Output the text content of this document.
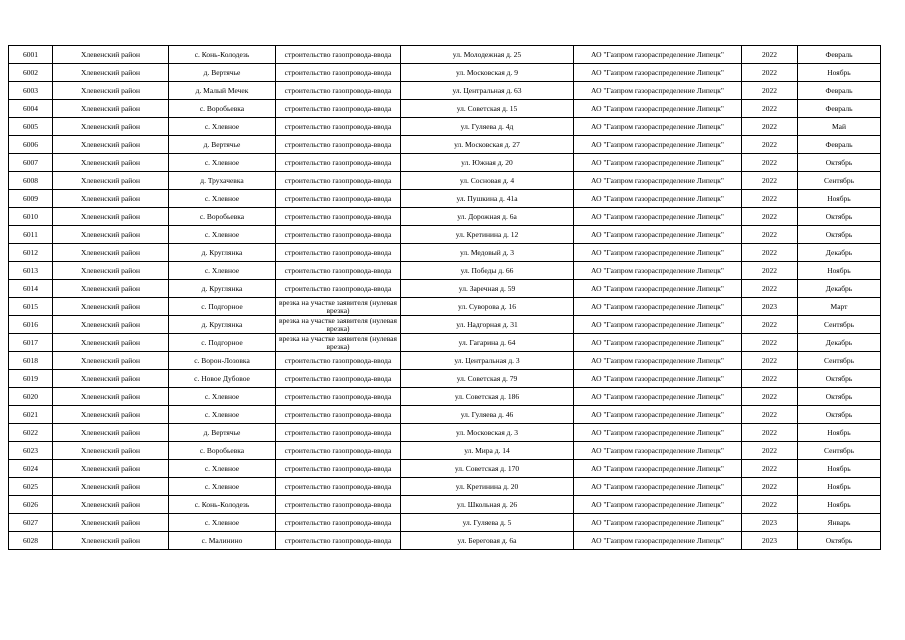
6001	Хлевенский район	с. Конь-Колодезь	строительство газопровода-ввода	ул. Молодежная д. 25	АО "Газпром газораспределение Липецк"	2022	Февраль
6002	Хлевенский район	д. Вертячье	строительство газопровода-ввода	ул. Московская д. 9	АО "Газпром газораспределение Липецк"	2022	Ноябрь
6003	Хлевенский район	д. Малый Мечек	строительство газопровода-ввода	ул. Центральная д. 63	АО "Газпром газораспределение Липецк"	2022	Февраль
6004	Хлевенский район	с. Воробьевка	строительство газопровода-ввода	ул. Советская д. 15	АО "Газпром газораспределение Липецк"	2022	Февраль
6005	Хлевенский район	с. Хлевное	строительство газопровода-ввода	ул. Гуляева д. 4д	АО "Газпром газораспределение Липецк"	2022	Май
6006	Хлевенский район	д. Вертячье	строительство газопровода-ввода	ул. Московская д. 27	АО "Газпром газораспределение Липецк"	2022	Февраль
6007	Хлевенский район	с. Хлевное	строительство газопровода-ввода	ул. Южная д. 20	АО "Газпром газораспределение Липецк"	2022	Октябрь
6008	Хлевенский район	д. Трухачевка	строительство газопровода-ввода	ул. Сосновая д. 4	АО "Газпром газораспределение Липецк"	2022	Сентябрь
6009	Хлевенский район	с. Хлевное	строительство газопровода-ввода	ул. Пушкина д. 41а	АО "Газпром газораспределение Липецк"	2022	Ноябрь
6010	Хлевенский район	с. Воробьевка	строительство газопровода-ввода	ул. Дорожная д. 6а	АО "Газпром газораспределение Липецк"	2022	Октябрь
6011	Хлевенский район	с. Хлевное	строительство газопровода-ввода	ул. Кретинина д. 12	АО "Газпром газораспределение Липецк"	2022	Октябрь
6012	Хлевенский район	д. Круглянка	строительство газопровода-ввода	ул. Медовый д. 3	АО "Газпром газораспределение Липецк"	2022	Декабрь
6013	Хлевенский район	с. Хлевное	строительство газопровода-ввода	ул. Победы д. 66	АО "Газпром газораспределение Липецк"	2022	Ноябрь
6014	Хлевенский район	д. Круглянка	строительство газопровода-ввода	ул. Заречная д. 59	АО "Газпром газораспределение Липецк"	2022	Декабрь
6015	Хлевенский район	с. Подгорное	врезка на участке заявителя (нулевая врезка)	ул. Суворова д. 16	АО "Газпром газораспределение Липецк"	2023	Март
6016	Хлевенский район	д. Круглянка	врезка на участке заявителя (нулевая врезка)	ул. Надгорная д. 31	АО "Газпром газораспределение Липецк"	2022	Сентябрь
6017	Хлевенский район	с. Подгорное	врезка на участке заявителя (нулевая врезка)	ул. Гагарина д. 64	АО "Газпром газораспределение Липецк"	2022	Декабрь
6018	Хлевенский район	с. Ворон-Лозовка	строительство газопровода-ввода	ул. Центральная д. 3	АО "Газпром газораспределение Липецк"	2022	Сентябрь
6019	Хлевенский район	с. Новое Дубовое	строительство газопровода-ввода	ул. Советская д. 79	АО "Газпром газораспределение Липецк"	2022	Октябрь
6020	Хлевенский район	с. Хлевное	строительство газопровода-ввода	ул. Советская д. 186	АО "Газпром газораспределение Липецк"	2022	Октябрь
6021	Хлевенский район	с. Хлевное	строительство газопровода-ввода	ул. Гуляева д. 46	АО "Газпром газораспределение Липецк"	2022	Октябрь
6022	Хлевенский район	д. Вертячье	строительство газопровода-ввода	ул. Московская д. 3	АО "Газпром газораспределение Липецк"	2022	Ноябрь
6023	Хлевенский район	с. Воробьевка	строительство газопровода-ввода	ул. Мира д. 14	АО "Газпром газораспределение Липецк"	2022	Сентябрь
6024	Хлевенский район	с. Хлевное	строительство газопровода-ввода	ул. Советская д. 170	АО "Газпром газораспределение Липецк"	2022	Ноябрь
6025	Хлевенский район	с. Хлевное	строительство газопровода-ввода	ул. Кретинина д. 20	АО "Газпром газораспределение Липецк"	2022	Ноябрь
6026	Хлевенский район	с. Конь-Колодезь	строительство газопровода-ввода	ул. Школьная д. 26	АО "Газпром газораспределение Липецк"	2022	Ноябрь
6027	Хлевенский район	с. Хлевное	строительство газопровода-ввода	ул. Гуляева д. 5	АО "Газпром газораспределение Липецк"	2023	Январь
6028	Хлевенский район	с. Малинино	строительство газопровода-ввода	ул. Береговая д. 6а	АО "Газпром газораспределение Липецк"	2023	Октябрь
